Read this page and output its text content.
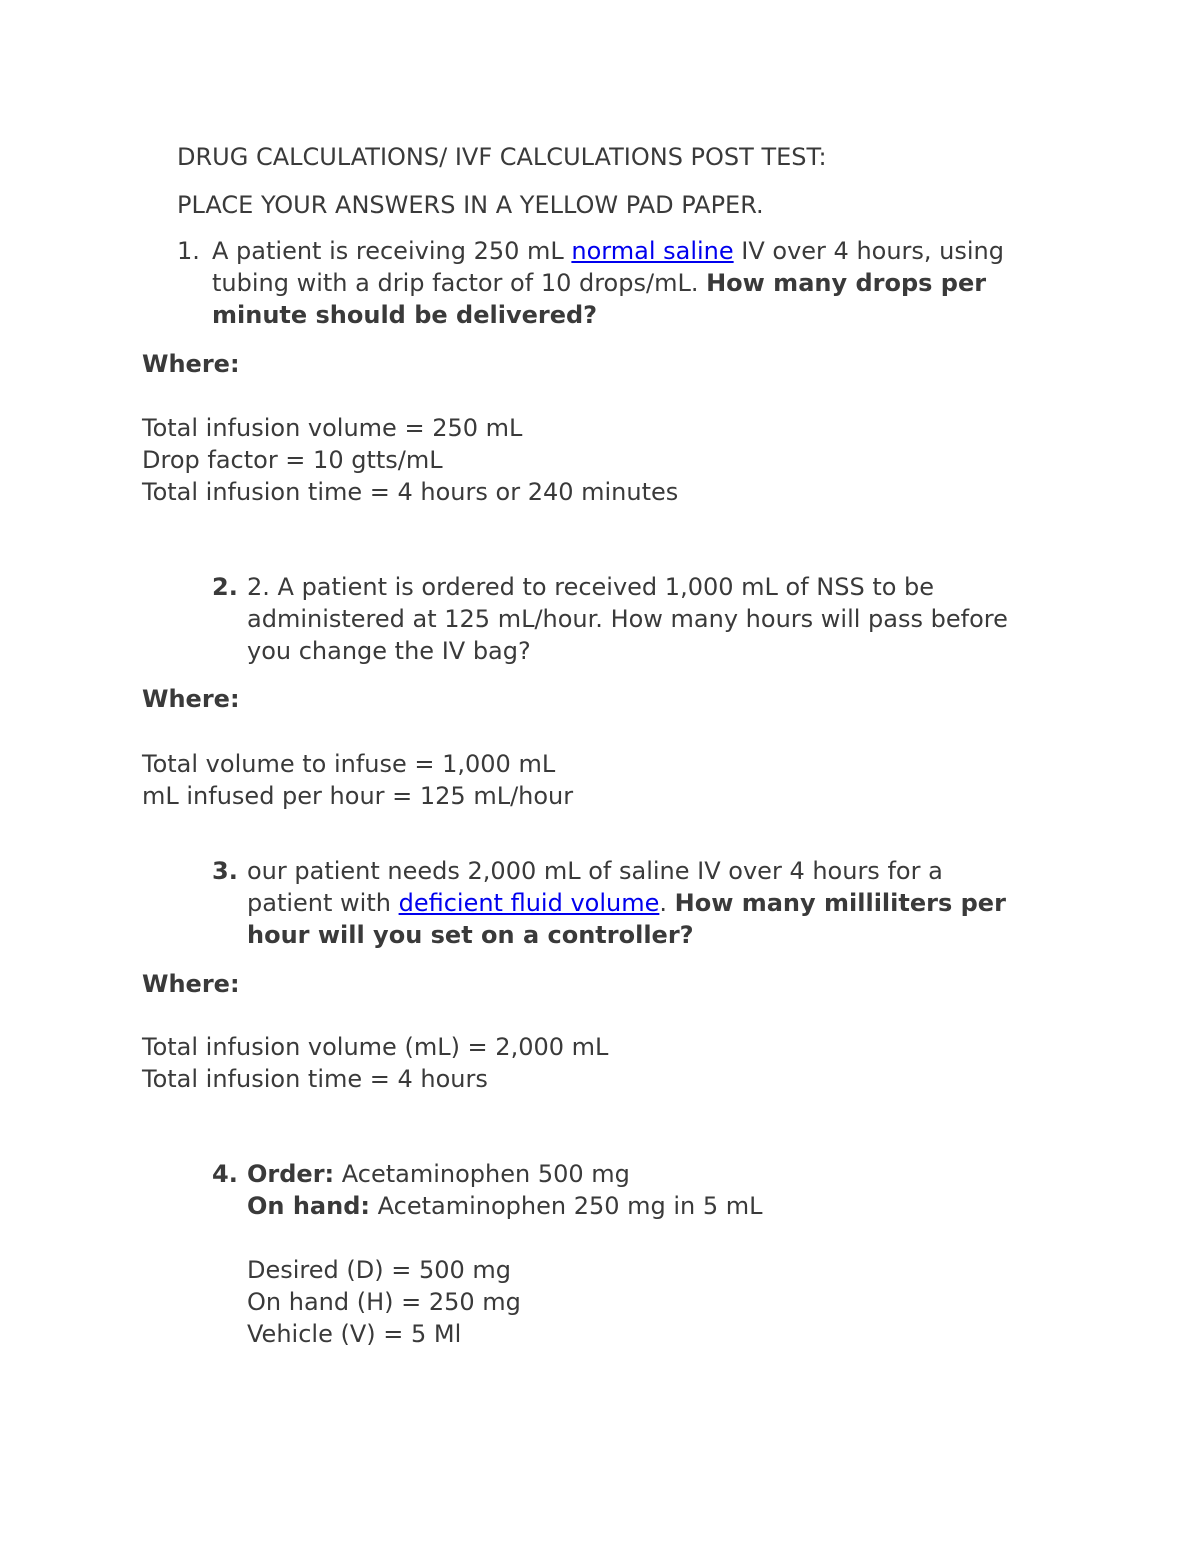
DRUG CALCULATIONS/ IVF CALCULATIONS POST TEST:
PLACE YOUR ANSWERS IN A YELLOW PAD PAPER.
1. A patient is receiving 250 mL normal saline IV over 4 hours, using
tubing with a drip factor of 10 drops/mL. How many drops per
minute should be delivered?
Where:
Total infusion volume = 250 mL
Drop factor = 10 gtts/mL
Total infusion time = 4 hours or 240 minutes
2. 2. A patient is ordered to received 1,000 mL of NSS to be
administered at 125 mL/hour. How many hours will pass before
you change the IV bag?
Where:
Total volume to infuse = 1,000 mL
mL infused per hour = 125 mL/hour
3. our patient needs 2,000 mL of saline IV over 4 hours for a
patient with deficient fluid volume. How many milliliters per
hour will you set on a controller?
Where:
Total infusion volume (mL) = 2,000 mL
Total infusion time = 4 hours
4. Order: Acetaminophen 500 mg
On hand: Acetaminophen 250 mg in 5 mL
Desired (D) = 500 mg
On hand (H) = 250 mg
Vehicle (V) = 5 Ml
